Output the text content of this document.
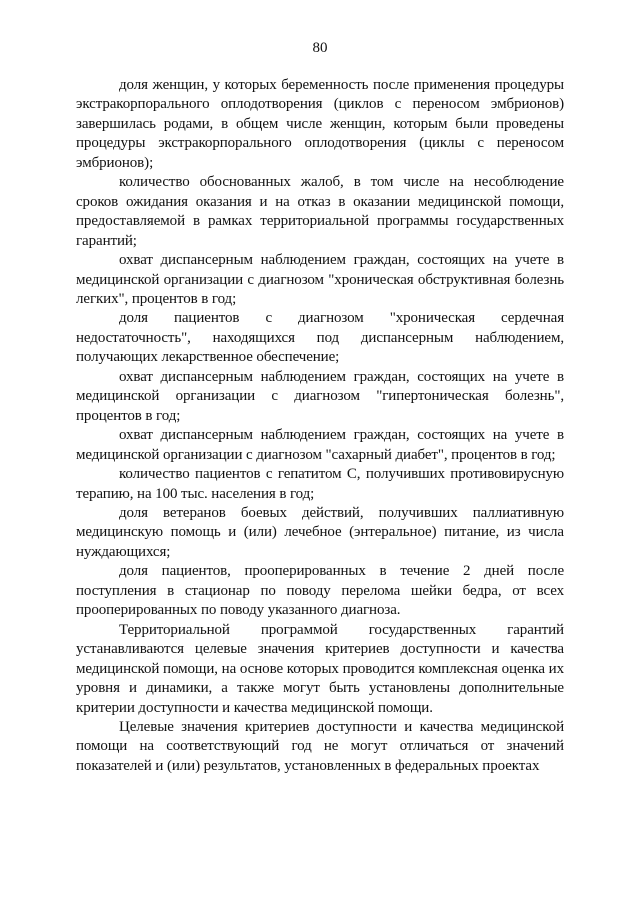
80

доля женщин, у которых беременность после применения процедуры экстракорпорального оплодотворения (циклов с переносом эмбрионов) завершилась родами, в общем числе женщин, которым были проведены процедуры экстракорпорального оплодотворения (циклы с переносом эмбрионов);

количество обоснованных жалоб, в том числе на несоблюдение сроков ожидания оказания и на отказ в оказании медицинской помощи, предоставляемой в рамках территориальной программы государственных гарантий;

охват диспансерным наблюдением граждан, состоящих на учете в медицинской организации с диагнозом "хроническая обструктивная болезнь легких", процентов в год;

доля пациентов с диагнозом "хроническая сердечная недостаточность", находящихся под диспансерным наблюдением, получающих лекарственное обеспечение;

охват диспансерным наблюдением граждан, состоящих на учете в медицинской организации с диагнозом "гипертоническая болезнь", процентов в год;

охват диспансерным наблюдением граждан, состоящих на учете в медицинской организации с диагнозом "сахарный диабет", процентов в год;

количество пациентов с гепатитом С, получивших противовирусную терапию, на 100 тыс. населения в год;

доля ветеранов боевых действий, получивших паллиативную медицинскую помощь и (или) лечебное (энтеральное) питание, из числа нуждающихся;

доля пациентов, прооперированных в течение 2 дней после поступления в стационар по поводу перелома шейки бедра, от всех прооперированных по поводу указанного диагноза.

Территориальной программой государственных гарантий устанавливаются целевые значения критериев доступности и качества медицинской помощи, на основе которых проводится комплексная оценка их уровня и динамики, а также могут быть установлены дополнительные критерии доступности и качества медицинской помощи.

Целевые значения критериев доступности и качества медицинской помощи на соответствующий год не могут отличаться от значений показателей и (или) результатов, установленных в федеральных проектах
